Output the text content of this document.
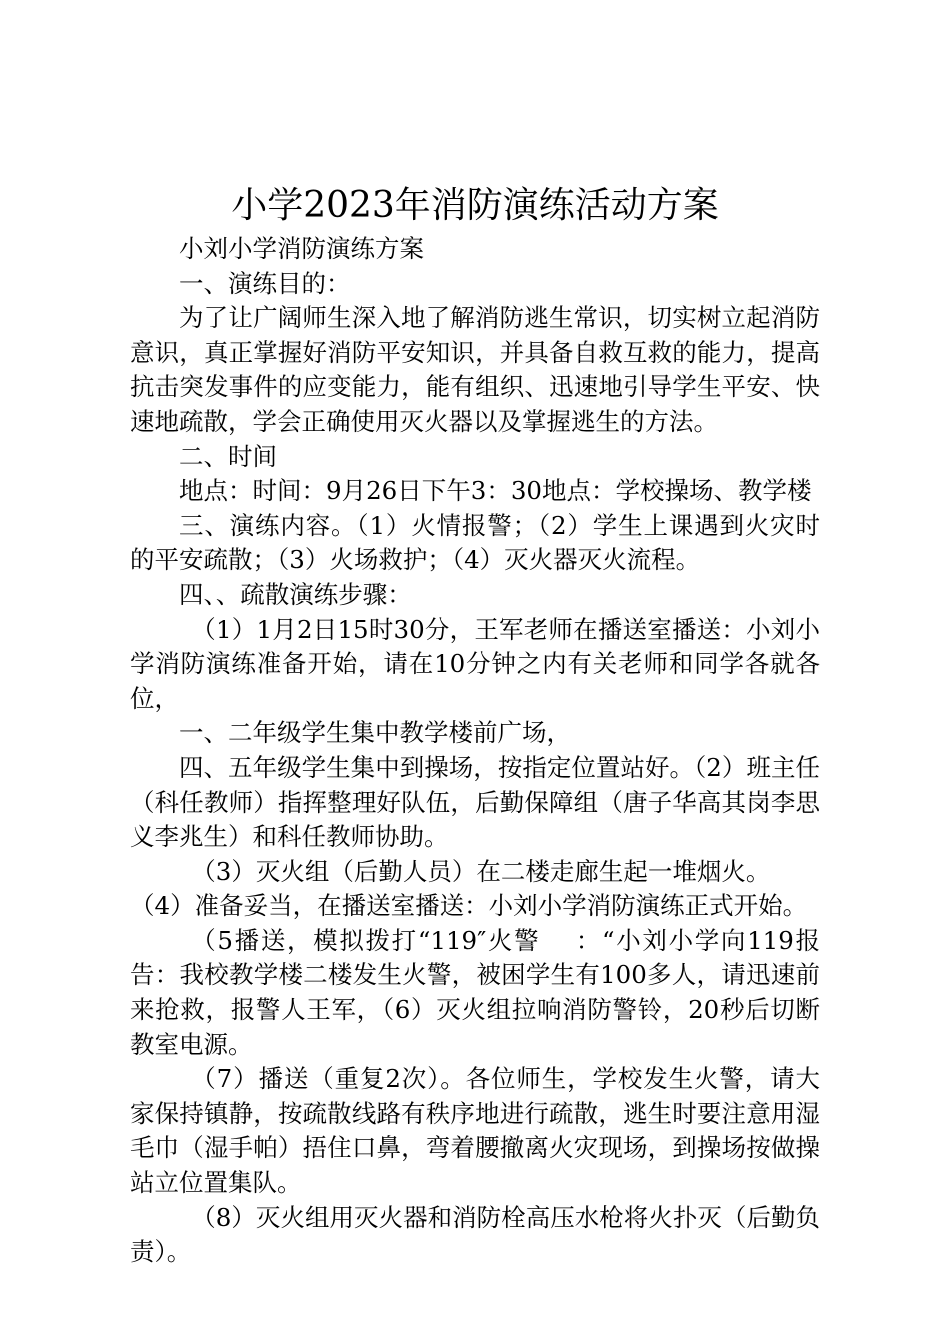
小学2023年消防演练活动方案

小刘小学消防演练方案

一、演练目的：

为了让广阔师生深入地了解消防逃生常识，切实树立起消防意识，真正掌握好消防平安知识，并具备自救互救的能力，提高抗击突发事件的应变能力，能有组织、迅速地引导学生平安、快速地疏散，学会正确使用灭火器以及掌握逃生的方法。

二、时间

地点：时间：9月26日下午3：30地点：学校操场、教学楼

三、演练内容。（1）火情报警；（2）学生上课遇到火灾时的平安疏散；（3）火场救护；（4）灭火器灭火流程。

四、、疏散演练步骤：

（1）1月2日15时30分，王军老师在播送室播送：小刘小学消防演练准备开始，请在10分钟之内有关老师和同学各就各位，

一、二年级学生集中教学楼前广场，

四、五年级学生集中到操场，按指定位置站好。（2）班主任（科任教师）指挥整理好队伍，后勤保障组（唐子华高其岗李思义李兆生）和科任教师协助。

（3）灭火组（后勤人员）在二楼走廊生起一堆烟火。

（4）准备妥当，在播送室播送：小刘小学消防演练正式开始。

（5播送，模拟拨打“119″火警　 ：“小刘小学向119报告：我校教学楼二楼发生火警，被困学生有100多人，请迅速前来抢救，报警人王军，（6）灭火组拉响消防警铃，20秒后切断教室电源。

（7）播送（重复2次）。各位师生，学校发生火警，请大家保持镇静，按疏散线路有秩序地进行疏散，逃生时要注意用湿毛巾（湿手帕）捂住口鼻，弯着腰撤离火灾现场，到操场按做操站立位置集队。

（8）灭火组用灭火器和消防栓高压水枪将火扑灭（后勤负责）。
